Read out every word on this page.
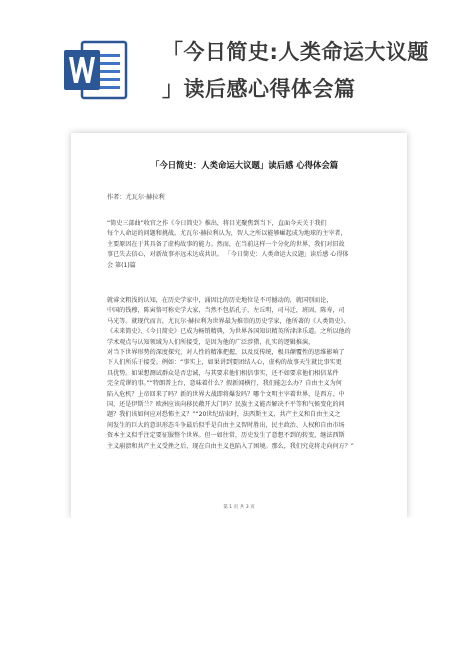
「今日简史:人类命运大议题
」读后感心得体会篇
「今日简史：人类命运大议题」读后感 心得体会篇
作者：尤瓦尔·赫拉利
“简史三部曲”收官之作《今日简史》推出，将目光聚焦到当下，直面今天关于我们
每个人命运的问题和挑战。尤瓦尔·赫拉利认为，智人之所以能够崛起成为地球的主宰者，
主要原因在于其具备了虚构故事的能力。然而，在当前这样一个分化的世界，我们对旧故
事已失去信心，对新故事亦远未达成共识。 「今日简史：人类命运大议题」读后感 心得体
会 第(1)篇
就睿文粗浅的认知，在历史学家中，涌因比的历史地位是不可撼动的，就国别而论，
中国的钱穆，陈寅恪可称史学大家，当然不包括孔子，左丘明，司马迁，班固，陈寿，司
马光等。就现代而言，尤瓦尔·赫拉利为世界最为推崇的历史学家，他所著的《人类简史》、
《未来简史》、《今日简史》已成为畅销精典，为世界各国知识精英所津津乐道。之所以他的
学术观点与认知领域为人们所接受，是因为他的广泛涉猎，扎实的逻辑推演，
对当下世界形势的深度探究，对人性的精准把握，以及反传统，极具颠覆性的思维影响了
下人们所乐于接受。例如：“事实上，如果讲到要团结人心，虚构的故事天生就比事实更
具优势。如果想测试群众是否忠诚，与其要求他们相信事实，还不如要求他们相信某件
完全荒谬的事。”“特朗普上台，意味着什么？假新闻横行，我们能怎么办？自由主义为何
陷入危机？上帝回来了吗？新的世界大战即将爆发吗？哪个文明主宰着世界，是西方、中
国，还是伊斯兰？欧洲应该向移民敞开大门吗？民族主义能否解决不平等和气候变化的问
题？我们该如何应对恐怖主义？”“20世纪结束时，法西斯主义、共产主义和自由主义之
间发生的巨大的意识形态斗争最后似乎是自由主义智时胜出，民主政治、人权和自由市场
资本主义似乎注定要征服整个世界。但一如往常，历史发生了意想不到的转变，继法西斯
主义崩溃和共产主义受挫之后，现在自由主义也陷入了困境。那么，我们究竟将走向何方？”
第 1 页 共 3 页
